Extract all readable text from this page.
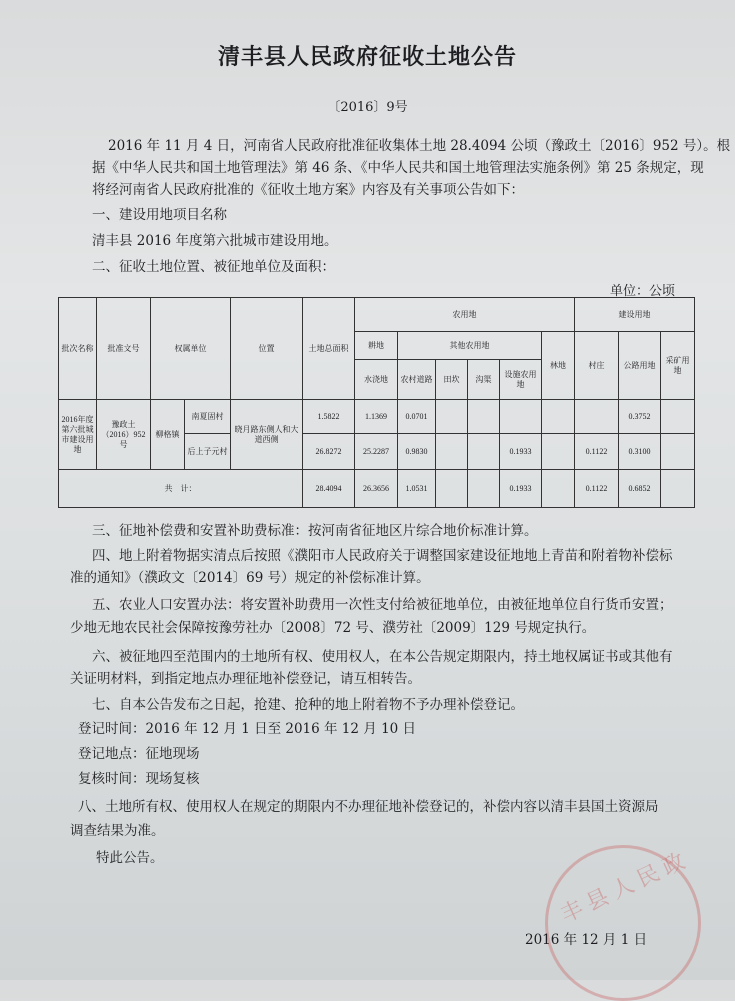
清丰县人民政府征收土地公告
〔2016〕9号
2016 年 11 月 4 日，河南省人民政府批准征收集体土地 28.4094 公顷（豫政土〔2016〕952 号）。根
据《中华人民共和国土地管理法》第 46 条、《中华人民共和国土地管理法实施条例》第 25 条规定，现
将经河南省人民政府批准的《征收土地方案》内容及有关事项公告如下：
一、建设用地项目名称
清丰县 2016 年度第六批城市建设用地。
二、征收土地位置、被征地单位及面积：
单位：公顷
批次名称	批准文号	权属单位		位置	土地总面积	农用地						建设用地		
						耕地	其他农用地				林地	村庄	公路用地	采矿用地
						水浇地	农村道路	田坎	沟渠	设施农用地				
2016年度第六批城市建设用地	豫政土（2016）952号	柳格镇	南夏固村	晓月路东侧人和大道西侧	1.5822	1.1369	0.0701						0.3752	
			后上子元村		26.8272	25.2287	0.9830			0.1933		0.1122	0.3100	
共　计：					28.4094	26.3656	1.0531			0.1933		0.1122	0.6852	
三、征地补偿费和安置补助费标准：按河南省征地区片综合地价标准计算。
四、地上附着物据实清点后按照《濮阳市人民政府关于调整国家建设征地地上青苗和附着物补偿标
准的通知》（濮政文〔2014〕69 号）规定的补偿标准计算。
五、农业人口安置办法：将安置补助费用一次性支付给被征地单位，由被征地单位自行货币安置；
少地无地农民社会保障按豫劳社办〔2008〕72 号、濮劳社〔2009〕129 号规定执行。
六、被征地四至范围内的土地所有权、使用权人，在本公告规定期限内，持土地权属证书或其他有
关证明材料，到指定地点办理征地补偿登记，请互相转告。
七、自本公告发布之日起，抢建、抢种的地上附着物不予办理补偿登记。
登记时间：2016 年 12 月 1 日至 2016 年 12 月 10 日
登记地点：征地现场
复核时间：现场复核
八、土地所有权、使用权人在规定的期限内不办理征地补偿登记的，补偿内容以清丰县国土资源局
调查结果为准。
特此公告。	丰县人民政
2016 年 12 月 1 日
